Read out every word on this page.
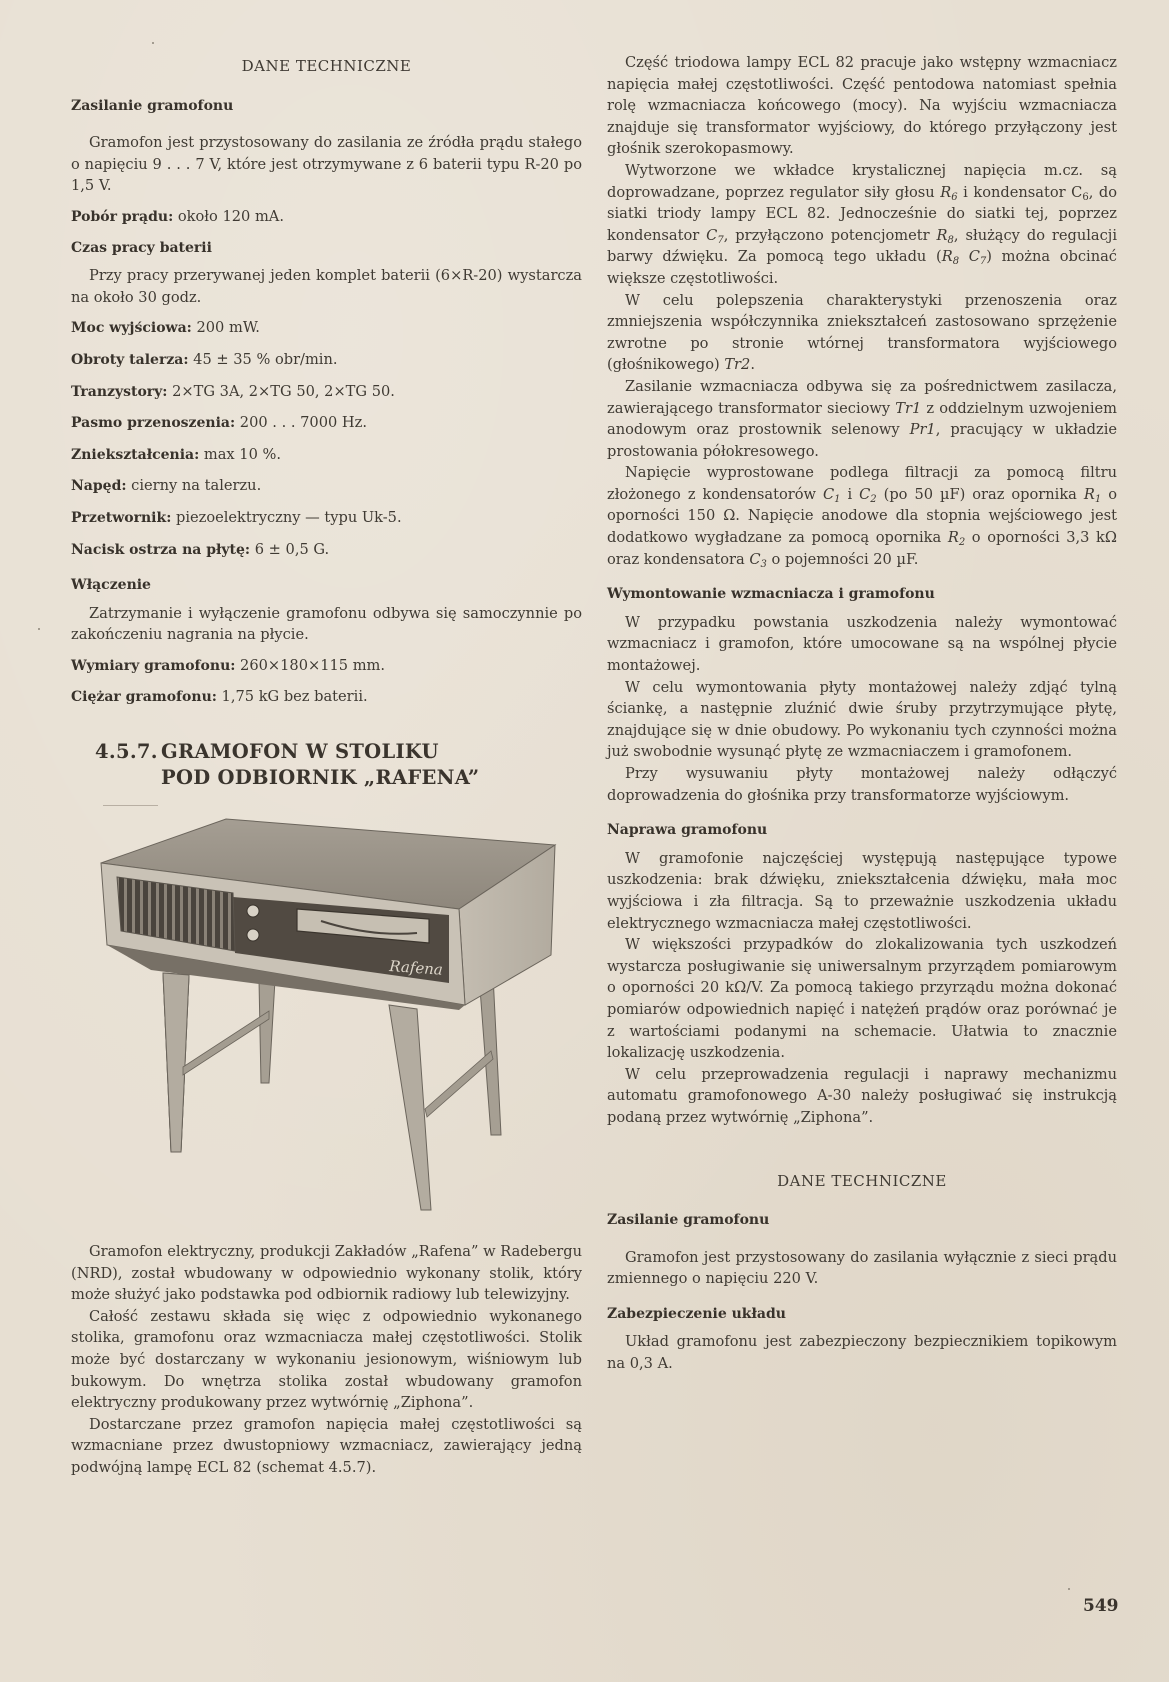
DANE TECHNICZNE
Zasilanie gramofonu

Gramofon jest przystosowany do zasilania ze źródła prądu stałego o napięciu 9 . . . 7 V, które jest otrzymywane z 6 baterii typu R-20 po 1,5 V.

Pobór prądu: około 120 mA.
Czas pracy baterii

Przy pracy przerywanej jeden komplet baterii (6×R-20) wystarcza na około 30 godz.

Moc wyjściowa: 200 mW.
Obroty talerza: 45 ± 35 % obr/min.
Tranzystory: 2×TG 3A, 2×TG 50, 2×TG 50.
Pasmo przenoszenia: 200 . . . 7000 Hz.
Zniekształcenia: max 10 %.
Napęd: cierny na talerzu.
Przetwornik: piezoelektryczny — typu Uk-5.
Nacisk ostrza na płytę: 6 ± 0,5 G.
Włączenie

Zatrzymanie i wyłączenie gramofonu odbywa się samoczynnie po zakończeniu nagrania na płycie.

Wymiary gramofonu: 260×180×115 mm.
Ciężar gramofonu: 1,75 kG bez baterii.
4.5.7. GRAMOFON W STOLIKU
POD ODBIORNIK „RAFENA”
Rafena

Gramofon elektryczny, produkcji Zakładów „Rafena” w Radebergu (NRD), został wbudowany w odpowiednio wykonany stolik, który może służyć jako podstawka pod odbiornik radiowy lub telewizyjny.

Całość zestawu składa się więc z odpowiednio wykonanego stolika, gramofonu oraz wzmacniacza małej częstotliwości. Stolik może być dostarczany w wykonaniu jesionowym, wiśniowym lub bukowym. Do wnętrza stolika został wbudowany gramofon elektryczny produkowany przez wytwórnię „Ziphona”.

Dostarczane przez gramofon napięcia małej częstotliwości są wzmacniane przez dwustopniowy wzmacniacz, zawierający jedną podwójną lampę ECL 82 (schemat 4.5.7).

Część triodowa lampy ECL 82 pracuje jako wstępny wzmacniacz napięcia małej częstotliwości. Część pentodowa natomiast spełnia rolę wzmacniacza końcowego (mocy). Na wyjściu wzmacniacza znajduje się transformator wyjściowy, do którego przyłączony jest głośnik szerokopasmowy.

Wytworzone we wkładce krystalicznej napięcia m.cz. są doprowadzane, poprzez regulator siły głosu $R_6$ i kondensator $C_6$, do siatki triody lampy ECL 82. Jednocześnie do siatki tej, poprzez kondensator $C_7$, przyłączono potencjometr $R_8$, służący do regulacji barwy dźwięku. Za pomocą tego układu ($R_8$ $C_7$) można obcinać większe częstotliwości.

W celu polepszenia charakterystyki przenoszenia oraz zmniejszenia współczynnika zniekształceń zastosowano sprzężenie zwrotne po stronie wtórnej transformatora wyjściowego (głośnikowego) Tr2.

Zasilanie wzmacniacza odbywa się za pośrednictwem zasilacza, zawierającego transformator sieciowy Tr1 z oddzielnym uzwojeniem anodowym oraz prostownik selenowy Pr1, pracujący w układzie prostowania półokresowego.

Napięcie wyprostowane podlega filtracji za pomocą filtru złożonego z kondensatorów $C_1$ i $C_2$ (po 50 µF) oraz opornika $R_1$ o oporności 150 Ω. Napięcie anodowe dla stopnia wejściowego jest dodatkowo wygładzane za pomocą opornika $R_2$ o oporności 3,3 kΩ oraz kondensatora $C_3$ o pojemności 20 µF.

Wymontowanie wzmacniacza i gramofonu

W przypadku powstania uszkodzenia należy wymontować wzmacniacz i gramofon, które umocowane są na wspólnej płycie montażowej.

W celu wymontowania płyty montażowej należy zdjąć tylną ściankę, a następnie zluźnić dwie śruby przytrzymujące płytę, znajdujące się w dnie obudowy. Po wykonaniu tych czynności można już swobodnie wysunąć płytę ze wzmacniaczem i gramofonem.

Przy wysuwaniu płyty montażowej należy odłączyć doprowadzenia do głośnika przy transformatorze wyjściowym.

Naprawa gramofonu

W gramofonie najczęściej występują następujące typowe uszkodzenia: brak dźwięku, zniekształcenia dźwięku, mała moc wyjściowa i zła filtracja. Są to przeważnie uszkodzenia układu elektrycznego wzmacniacza małej częstotliwości.

W większości przypadków do zlokalizowania tych uszkodzeń wystarcza posługiwanie się uniwersalnym przyrządem pomiarowym o oporności 20 kΩ/V. Za pomocą takiego przyrządu można dokonać pomiarów odpowiednich napięć i natężeń prądów oraz porównać je z wartościami podanymi na schemacie. Ułatwia to znacznie lokalizację uszkodzenia.

W celu przeprowadzenia regulacji i naprawy mechanizmu automatu gramofonowego A-30 należy posługiwać się instrukcją podaną przez wytwórnię „Ziphona”.

DANE TECHNICZNE
Zasilanie gramofonu

Gramofon jest przystosowany do zasilania wyłącznie z sieci prądu zmiennego o napięciu 220 V.

Zabezpieczenie układu

Układ gramofonu jest zabezpieczony bezpiecznikiem topikowym na 0,3 A.

549
